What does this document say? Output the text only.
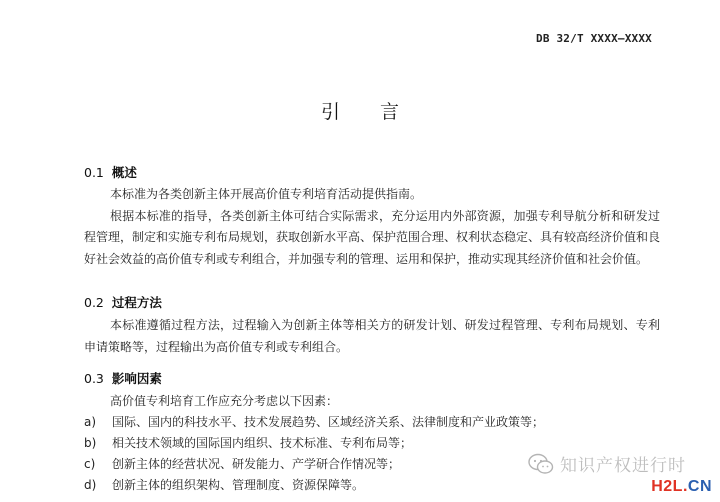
DB 32/T XXXX—XXXX
引言
0.1 概述
本标准为各类创新主体开展高价值专利培育活动提供指南。
根据本标准的指导，各类创新主体可结合实际需求，充分运用内外部资源，加强专利导航分析和研发过程管理，制定和实施专利布局规划，获取创新水平高、保护范围合理、权利状态稳定、具有较高经济价值和良好社会效益的高价值专利或专利组合，并加强专利的管理、运用和保护，推动实现其经济价值和社会价值。
0.2 过程方法
本标准遵循过程方法，过程输入为创新主体等相关方的研发计划、研发过程管理、专利布局规划、专利申请策略等，过程输出为高价值专利或专利组合。
0.3 影响因素
高价值专利培育工作应充分考虑以下因素：
a)	国际、国内的科技水平、技术发展趋势、区域经济关系、法律制度和产业政策等；
b)	相关技术领域的国际国内组织、技术标准、专利布局等；
c)	创新主体的经营状况、研发能力、产学研合作情况等；
d)	创新主体的组织架构、管理制度、资源保障等。
知识产权进行时
H2L.CN
